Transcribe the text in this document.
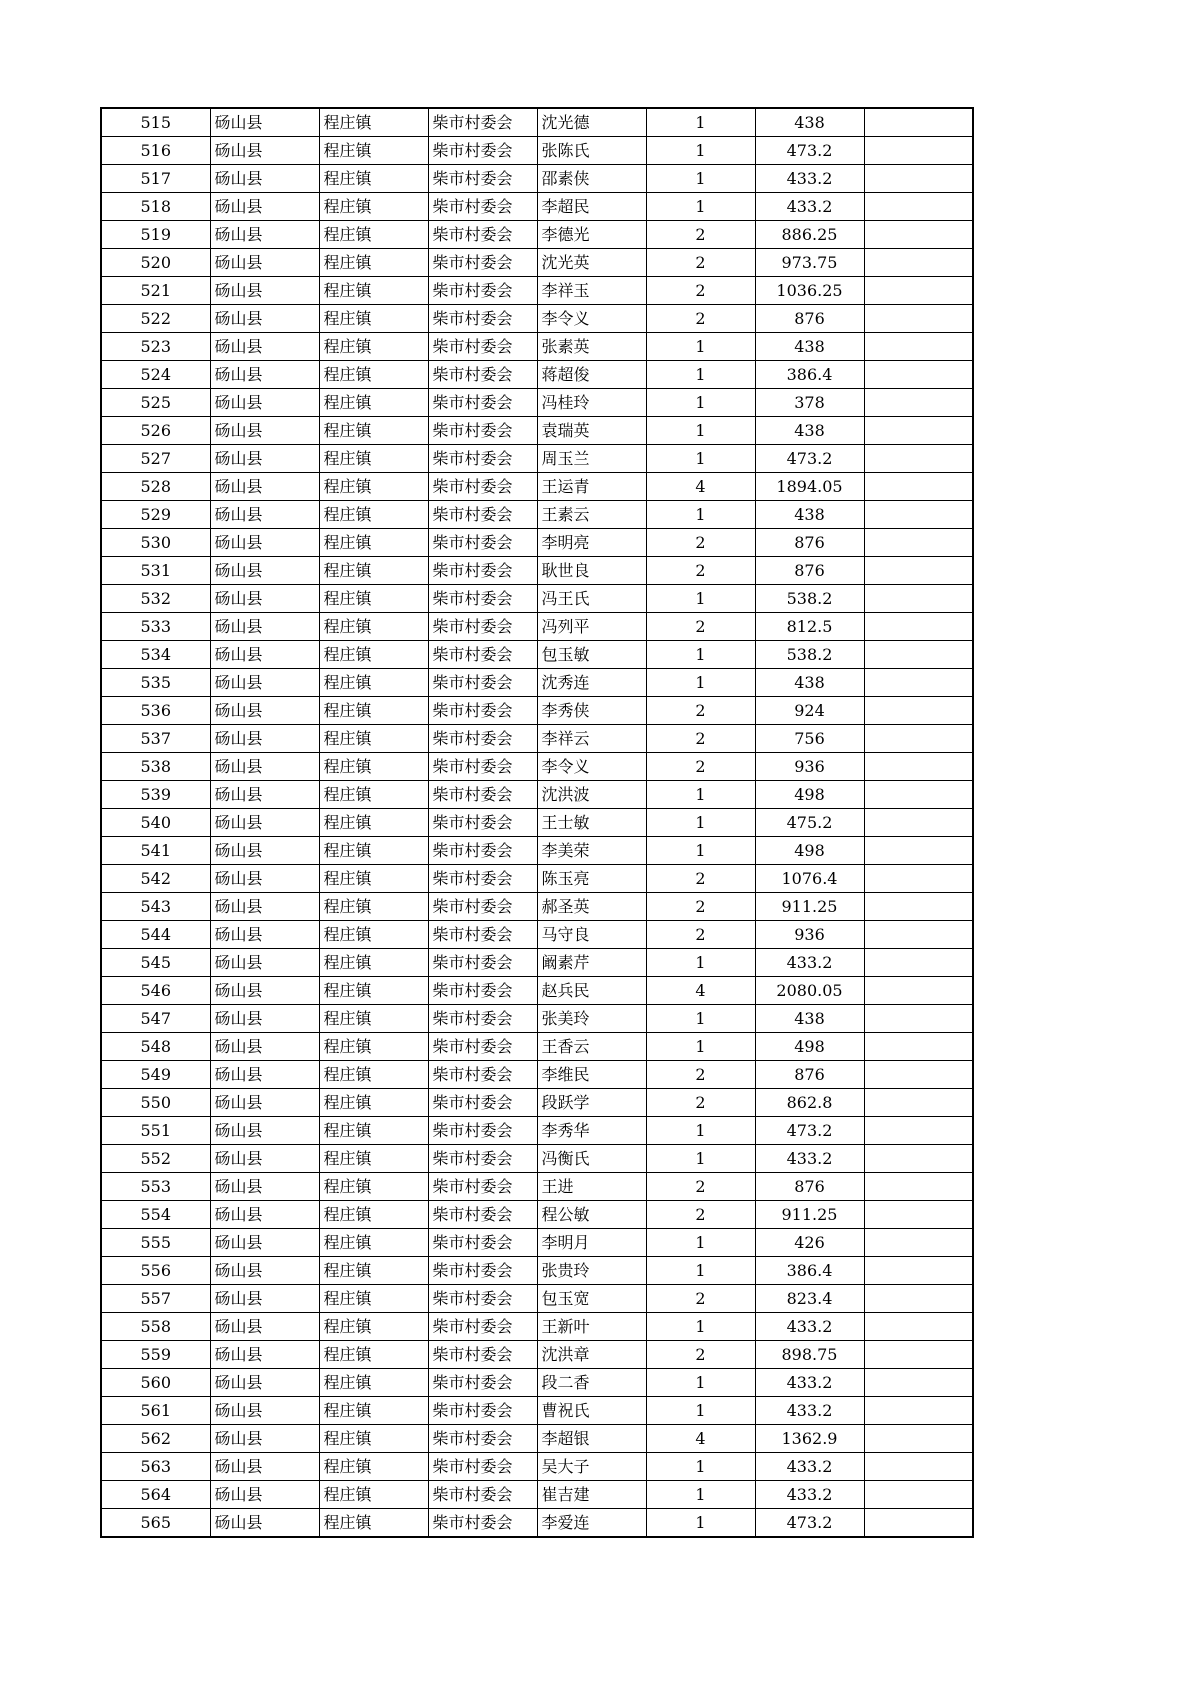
515	砀山县	程庄镇	柴市村委会	沈光德	1	438	
516	砀山县	程庄镇	柴市村委会	张陈氏	1	473.2	
517	砀山县	程庄镇	柴市村委会	邵素侠	1	433.2	
518	砀山县	程庄镇	柴市村委会	李超民	1	433.2	
519	砀山县	程庄镇	柴市村委会	李德光	2	886.25	
520	砀山县	程庄镇	柴市村委会	沈光英	2	973.75	
521	砀山县	程庄镇	柴市村委会	李祥玉	2	1036.25	
522	砀山县	程庄镇	柴市村委会	李令义	2	876	
523	砀山县	程庄镇	柴市村委会	张素英	1	438	
524	砀山县	程庄镇	柴市村委会	蒋超俊	1	386.4	
525	砀山县	程庄镇	柴市村委会	冯桂玲	1	378	
526	砀山县	程庄镇	柴市村委会	袁瑞英	1	438	
527	砀山县	程庄镇	柴市村委会	周玉兰	1	473.2	
528	砀山县	程庄镇	柴市村委会	王运青	4	1894.05	
529	砀山县	程庄镇	柴市村委会	王素云	1	438	
530	砀山县	程庄镇	柴市村委会	李明亮	2	876	
531	砀山县	程庄镇	柴市村委会	耿世良	2	876	
532	砀山县	程庄镇	柴市村委会	冯王氏	1	538.2	
533	砀山县	程庄镇	柴市村委会	冯列平	2	812.5	
534	砀山县	程庄镇	柴市村委会	包玉敏	1	538.2	
535	砀山县	程庄镇	柴市村委会	沈秀连	1	438	
536	砀山县	程庄镇	柴市村委会	李秀侠	2	924	
537	砀山县	程庄镇	柴市村委会	李祥云	2	756	
538	砀山县	程庄镇	柴市村委会	李令义	2	936	
539	砀山县	程庄镇	柴市村委会	沈洪波	1	498	
540	砀山县	程庄镇	柴市村委会	王士敏	1	475.2	
541	砀山县	程庄镇	柴市村委会	李美荣	1	498	
542	砀山县	程庄镇	柴市村委会	陈玉亮	2	1076.4	
543	砀山县	程庄镇	柴市村委会	郝圣英	2	911.25	
544	砀山县	程庄镇	柴市村委会	马守良	2	936	
545	砀山县	程庄镇	柴市村委会	阚素芹	1	433.2	
546	砀山县	程庄镇	柴市村委会	赵兵民	4	2080.05	
547	砀山县	程庄镇	柴市村委会	张美玲	1	438	
548	砀山县	程庄镇	柴市村委会	王香云	1	498	
549	砀山县	程庄镇	柴市村委会	李维民	2	876	
550	砀山县	程庄镇	柴市村委会	段跃学	2	862.8	
551	砀山县	程庄镇	柴市村委会	李秀华	1	473.2	
552	砀山县	程庄镇	柴市村委会	冯衡氏	1	433.2	
553	砀山县	程庄镇	柴市村委会	王进	2	876	
554	砀山县	程庄镇	柴市村委会	程公敏	2	911.25	
555	砀山县	程庄镇	柴市村委会	李明月	1	426	
556	砀山县	程庄镇	柴市村委会	张贵玲	1	386.4	
557	砀山县	程庄镇	柴市村委会	包玉宽	2	823.4	
558	砀山县	程庄镇	柴市村委会	王新叶	1	433.2	
559	砀山县	程庄镇	柴市村委会	沈洪章	2	898.75	
560	砀山县	程庄镇	柴市村委会	段二香	1	433.2	
561	砀山县	程庄镇	柴市村委会	曹祝氏	1	433.2	
562	砀山县	程庄镇	柴市村委会	李超银	4	1362.9	
563	砀山县	程庄镇	柴市村委会	吴大子	1	433.2	
564	砀山县	程庄镇	柴市村委会	崔吉建	1	433.2	
565	砀山县	程庄镇	柴市村委会	李爱连	1	473.2	
